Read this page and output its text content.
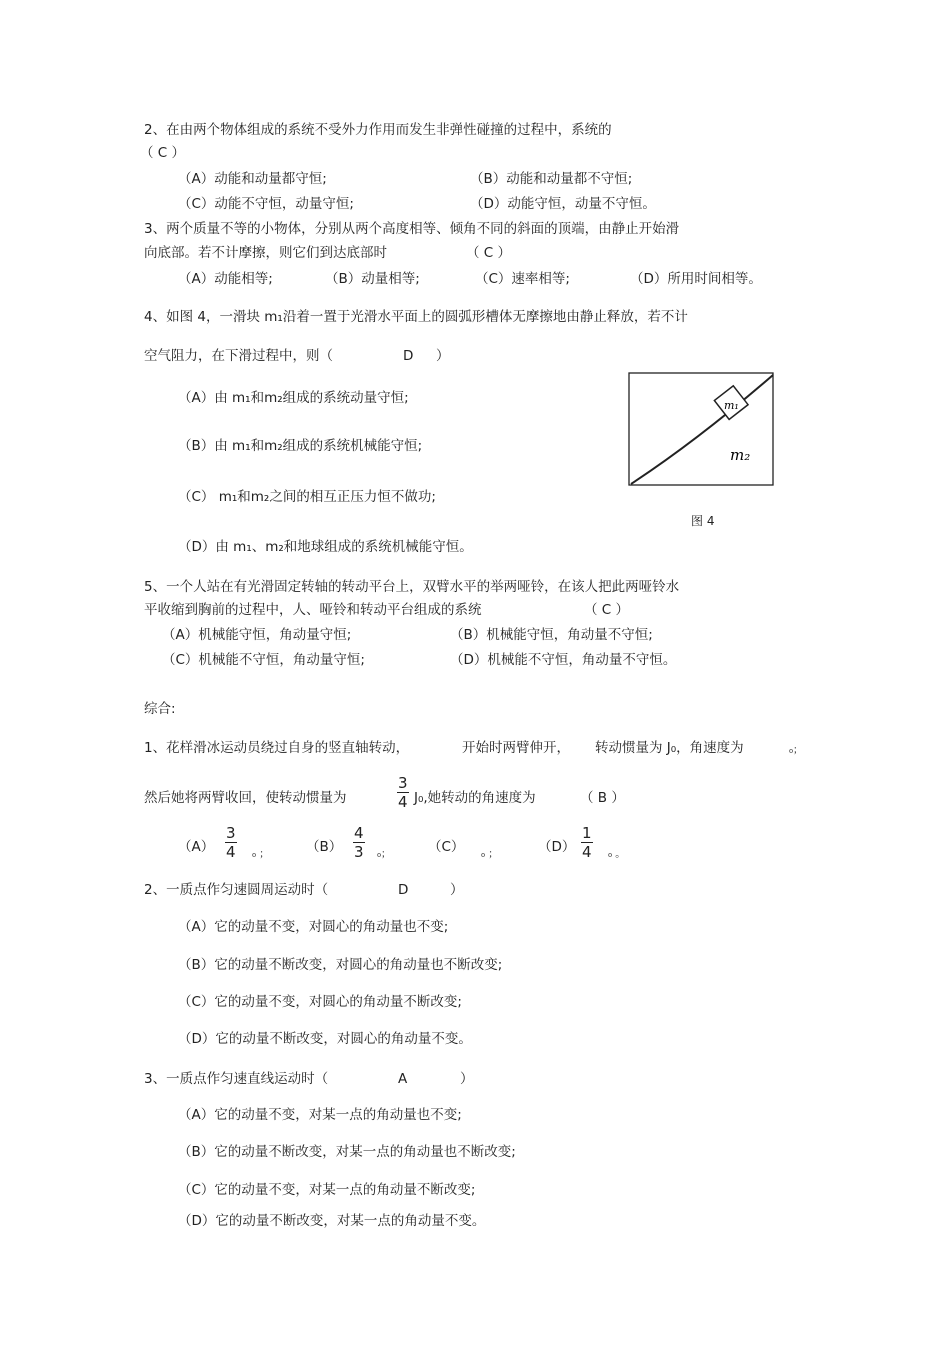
2、在由两个物体组成的系统不受外力作用而发生非弹性碰撞的过程中，系统的
（ C ）
（A）动能和动量都守恒;	（B）动能和动量都不守恒;
（C）动能不守恒，动量守恒;	（D）动能守恒，动量不守恒。
3、两个质量不等的小物体，分别从两个高度相等、倾角不同的斜面的顶端，由静止开始滑
向底部。若不计摩擦，则它们到达底部时	（ C ）
（A）动能相等;	（B）动量相等;	（C）速率相等;	（D）所用时间相等。
4、如图 4，一滑块 m₁沿着一置于光滑水平面上的圆弧形槽体无摩擦地由静止释放，若不计
空气阻力，在下滑过程中，则（	D ）
（A）由 m₁和m₂组成的系统动量守恒;
（B）由 m₁和m₂组成的系统机械能守恒;
（C） m₁和m₂之间的相互正压力恒不做功;
（D）由 m₁、m₂和地球组成的系统机械能守恒。
m₁
m₂
图 4
5、一个人站在有光滑固定转轴的转动平台上，双臂水平的举两哑铃，在该人把此两哑铃水
平收缩到胸前的过程中，人、哑铃和转动平台组成的系统	（ C ）
（A）机械能守恒，角动量守恒;	（B）机械能守恒，角动量不守恒;
（C）机械能不守恒，角动量守恒;	（D）机械能不守恒，角动量不守恒。
综合:
1、花样滑冰运动员绕过自身的竖直轴转动，	开始时两臂伸开， 转动惯量为 J₀，角速度为	₀；
然后她将两臂收回，使转动惯量为	$\frac{3}{4} J_0$,她转动的角速度为	（ B ）
$(A) \frac{3}{4} _0$ ；	$(B) \frac{4}{3} _0$；	（C） ₀ ；	$(D) \frac{1}{4} _0$ 。
2、一质点作匀速圆周运动时（	D	）
（A）它的动量不变，对圆心的角动量也不变;
（B）它的动量不断改变，对圆心的角动量也不断改变;
（C）它的动量不变，对圆心的角动量不断改变;
（D）它的动量不断改变，对圆心的角动量不变。
3、一质点作匀速直线运动时（	A	）
（A）它的动量不变，对某一点的角动量也不变;
（B）它的动量不断改变，对某一点的角动量也不断改变;
（C）它的动量不变，对某一点的角动量不断改变;
（D）它的动量不断改变，对某一点的角动量不变。
